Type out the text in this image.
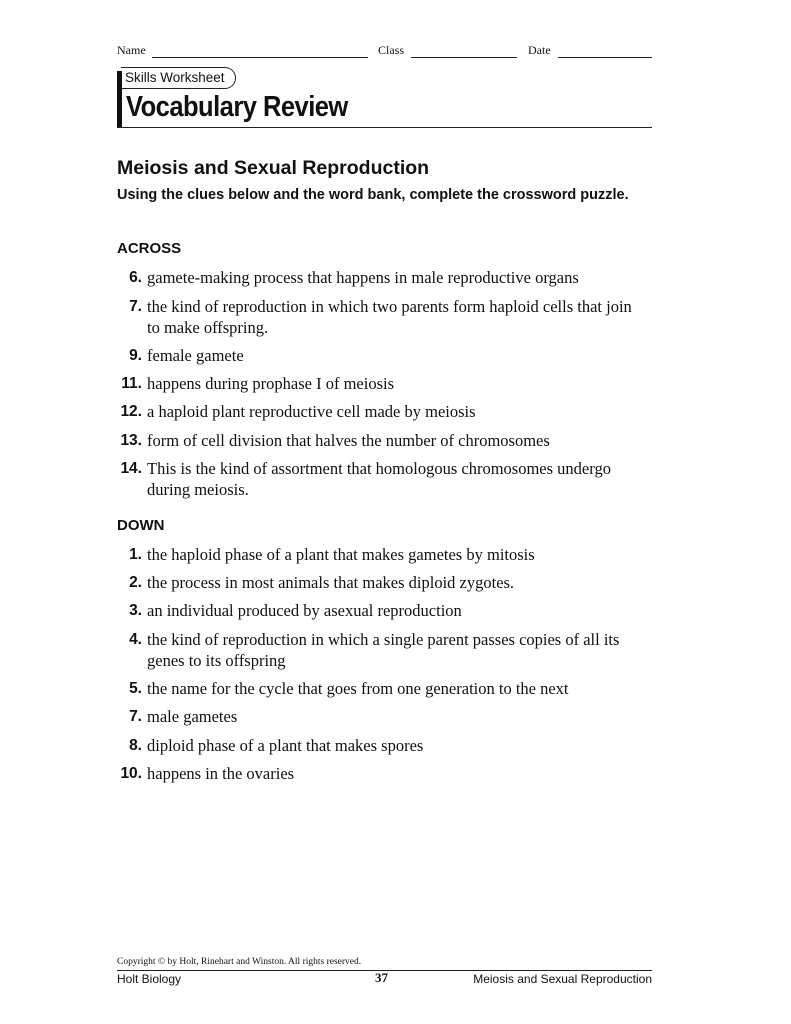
Name	Class	Date
Skills Worksheet
Vocabulary Review
Meiosis and Sexual Reproduction
Using the clues below and the word bank, complete the crossword puzzle.
ACROSS
6. gamete-making process that happens in male reproductive organs
7. the kind of reproduction in which two parents form haploid cells that join to make offspring.
9. female gamete
11. happens during prophase I of meiosis
12. a haploid plant reproductive cell made by meiosis
13. form of cell division that halves the number of chromosomes
14. This is the kind of assortment that homologous chromosomes undergo during meiosis.
DOWN
1. the haploid phase of a plant that makes gametes by mitosis
2. the process in most animals that makes diploid zygotes.
3. an individual produced by asexual reproduction
4. the kind of reproduction in which a single parent passes copies of all its genes to its offspring
5. the name for the cycle that goes from one generation to the next
7. male gametes
8. diploid phase of a plant that makes spores
10. happens in the ovaries
Copyright © by Holt, Rinehart and Winston. All rights reserved.
Holt Biology	37	Meiosis and Sexual Reproduction
